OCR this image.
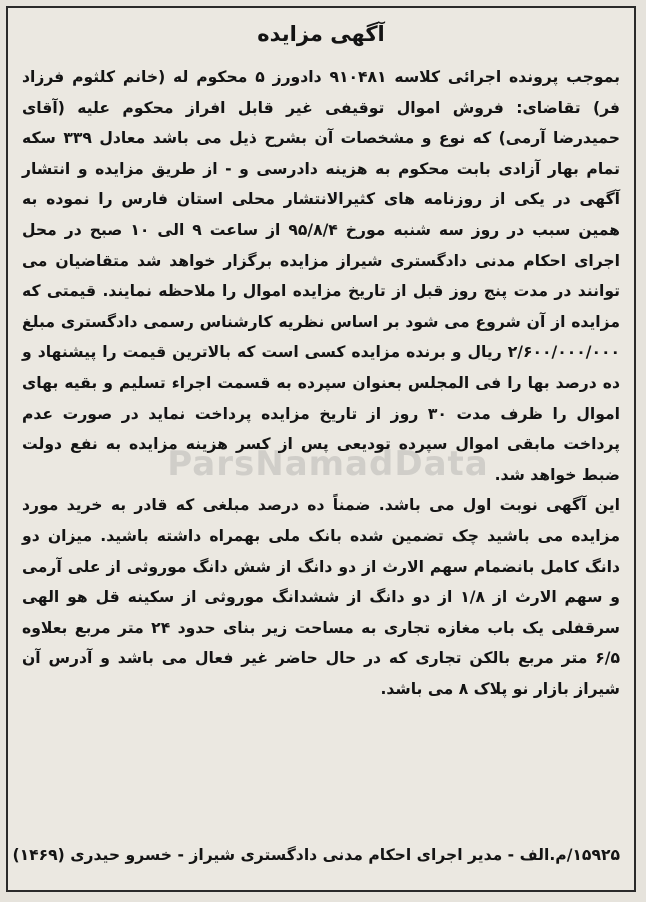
آگهی مزایده
ParsNamadData

بموجب پرونده اجرائی کلاسه ۹۱۰۴۸۱ دادورز ۵ محکوم له (خانم کلثوم فرزاد فر) تقاضای: فروش اموال توقیفی غیر قابل افراز محکوم علیه (آقای حمیدرضا آرمی) که نوع و مشخصات آن بشرح ذیل می باشد معادل ۳۳۹ سکه تمام بهار آزادی بابت محکوم به هزینه دادرسی و - از طریق مزایده و انتشار آگهی در یکی از روزنامه های کثیرالانتشار محلی استان فارس را نموده به همین سبب در روز سه شنبه مورخ ۹۵/۸/۴ از ساعت ۹ الی ۱۰ صبح در محل اجرای احکام مدنی دادگستری شیراز مزایده برگزار خواهد شد متقاضیان می توانند در مدت پنج روز قبل از تاریخ مزایده اموال را ملاحظه نمایند. قیمتی که مزایده از آن شروع می شود بر اساس نظریه کارشناس رسمی دادگستری مبلغ ۲/۶۰۰/۰۰۰/۰۰۰ ریال و برنده مزایده کسی است که بالاترین قیمت را پیشنهاد و ده درصد بها را فی المجلس بعنوان سپرده به قسمت اجراء تسلیم و بقیه بهای اموال را ظرف مدت ۳۰ روز از تاریخ مزایده پرداخت نماید در صورت عدم پرداخت مابقی اموال سپرده تودیعی پس از کسر هزینه مزایده به نفع دولت ضبط خواهد شد.

این آگهی نوبت اول می باشد. ضمناً ده درصد مبلغی که قادر به خرید مورد مزایده می باشید چک تضمین شده بانک ملی بهمراه داشته باشید. میزان دو دانگ کامل بانضمام سهم الارث از دو دانگ از شش دانگ موروثی از علی آرمی و سهم الارث از ۱/۸ از دو دانگ از ششدانگ موروثی از سکینه قل هو الهی سرقفلی یک باب مغازه تجاری به مساحت زیر بنای حدود ۲۴ متر مربع بعلاوه ۶/۵ متر مربع بالکن تجاری که در حال حاضر غیر فعال می باشد و آدرس آن شیراز بازار نو پلاک ۸ می باشد.

۱۵۹۲۵/م.الف - مدیر اجرای احکام مدنی دادگستری شیراز - خسرو حیدری (۱۴۶۹)
